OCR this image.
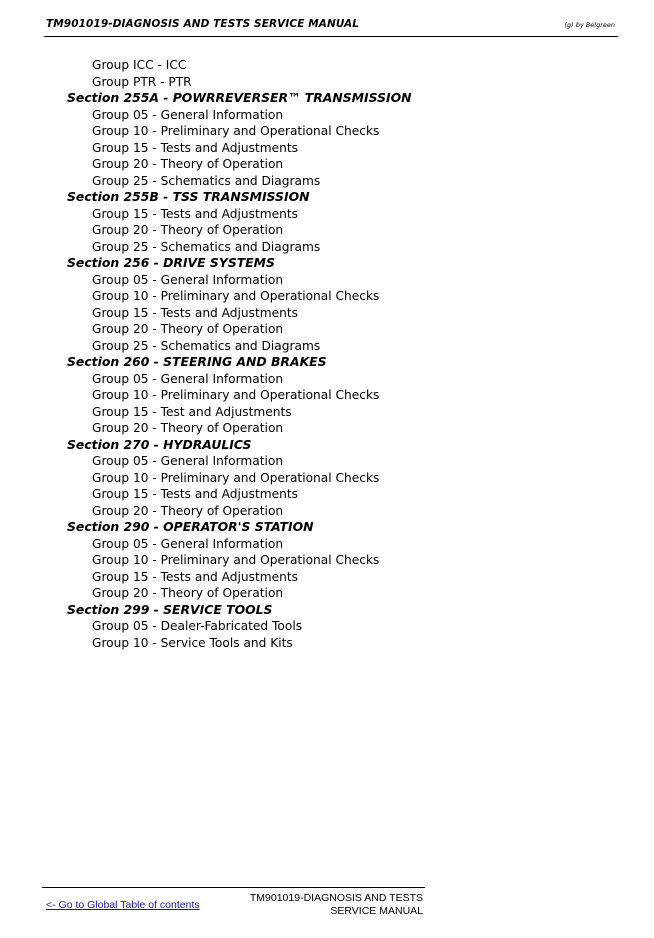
TM901019-DIAGNOSIS AND TESTS SERVICE MANUAL	(g) by Belgreen
Group ICC - ICC
Group PTR - PTR
Section 255A - POWRREVERSER™ TRANSMISSION
Group 05 - General Information
Group 10 - Preliminary and Operational Checks
Group 15 - Tests and Adjustments
Group 20 - Theory of Operation
Group 25 - Schematics and Diagrams
Section 255B - TSS TRANSMISSION
Group 15 - Tests and Adjustments
Group 20 - Theory of Operation
Group 25 - Schematics and Diagrams
Section 256 - DRIVE SYSTEMS
Group 05 - General Information
Group 10 - Preliminary and Operational Checks
Group 15 - Tests and Adjustments
Group 20 - Theory of Operation
Group 25 - Schematics and Diagrams
Section 260 - STEERING AND BRAKES
Group 05 - General Information
Group 10 - Preliminary and Operational Checks
Group 15 - Test and Adjustments
Group 20 - Theory of Operation
Section 270 - HYDRAULICS
Group 05 - General Information
Group 10 - Preliminary and Operational Checks
Group 15 - Tests and Adjustments
Group 20 - Theory of Operation
Section 290 - OPERATOR'S STATION
Group 05 - General Information
Group 10 - Preliminary and Operational Checks
Group 15 - Tests and Adjustments
Group 20 - Theory of Operation
Section 299 - SERVICE TOOLS
Group 05 - Dealer-Fabricated Tools
Group 10 - Service Tools and Kits
<- Go to Global Table of contents
TM901019-DIAGNOSIS AND TESTS
SERVICE MANUAL
